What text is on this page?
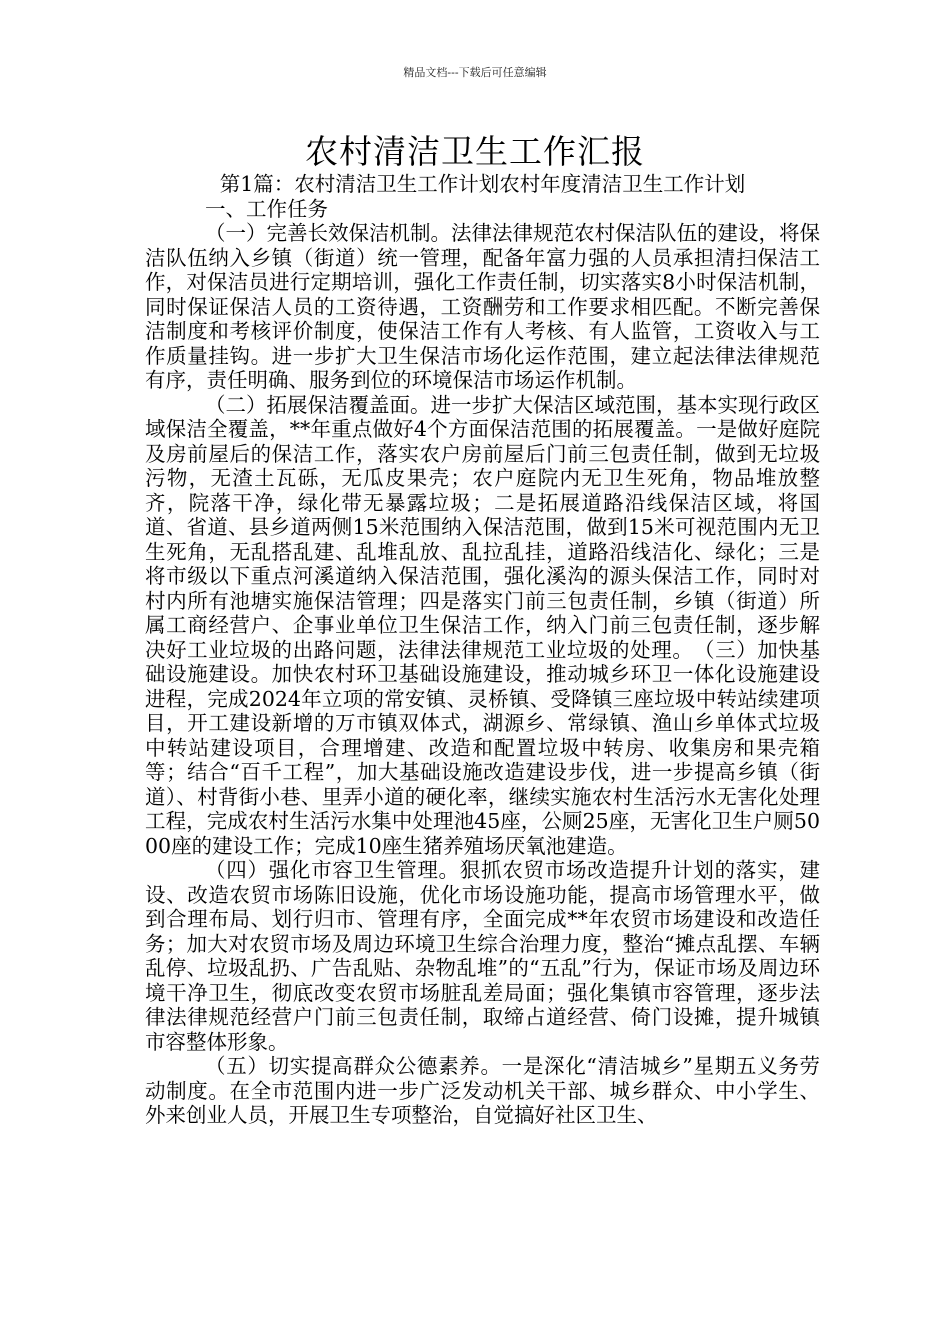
精品文档---下载后可任意编辑
农村清洁卫生工作汇报

第1篇：农村清洁卫生工作计划农村年度清洁卫生工作计划

一、工作任务

（一）完善长效保洁机制。法律法律规范农村保洁队伍的建设，将保洁队伍纳入乡镇（街道）统一管理，配备年富力强的人员承担清扫保洁工作，对保洁员进行定期培训，强化工作责任制，切实落实8小时保洁机制，同时保证保洁人员的工资待遇，工资酬劳和工作要求相匹配。不断完善保洁制度和考核评价制度，使保洁工作有人考核、有人监管，工资收入与工作质量挂钩。进一步扩大卫生保洁市场化运作范围，建立起法律法律规范有序，责任明确、服务到位的环境保洁市场运作机制。

（二）拓展保洁覆盖面。进一步扩大保洁区域范围，基本实现行政区域保洁全覆盖，**年重点做好4个方面保洁范围的拓展覆盖。一是做好庭院及房前屋后的保洁工作，落实农户房前屋后门前三包责任制，做到无垃圾污物，无渣土瓦砾，无瓜皮果壳；农户庭院内无卫生死角，物品堆放整齐，院落干净，绿化带无暴露垃圾；二是拓展道路沿线保洁区域，将国道、省道、县乡道两侧15米范围纳入保洁范围，做到15米可视范围内无卫生死角，无乱搭乱建、乱堆乱放、乱拉乱挂，道路沿线洁化、绿化；三是将市级以下重点河溪道纳入保洁范围，强化溪沟的源头保洁工作，同时对村内所有池塘实施保洁管理；四是落实门前三包责任制，乡镇（街道）所属工商经营户、企事业单位卫生保洁工作，纳入门前三包责任制，逐步解决好工业垃圾的出路问题，法律法律规范工业垃圾的处理。　（三）加快基础设施建设。加快农村环卫基础设施建设，推动城乡环卫一体化设施建设进程，完成2024年立项的常安镇、灵桥镇、受降镇三座垃圾中转站续建项目，开工建设新增的万市镇双体式，湖源乡、常绿镇、渔山乡单体式垃圾中转站建设项目，合理增建、改造和配置垃圾中转房、收集房和果壳箱等；结合“百千工程”，加大基础设施改造建设步伐，进一步提高乡镇（街道）、村背街小巷、里弄小道的硬化率，继续实施农村生活污水无害化处理工程，完成农村生活污水集中处理池45座，公厕25座，无害化卫生户厕5000座的建设工作；完成10座生猪养殖场厌氧池建造。

（四）强化市容卫生管理。狠抓农贸市场改造提升计划的落实，建设、改造农贸市场陈旧设施，优化市场设施功能，提高市场管理水平，做到合理布局、划行归市、管理有序，全面完成**年农贸市场建设和改造任务；加大对农贸市场及周边环境卫生综合治理力度，整治“摊点乱摆、车辆乱停、垃圾乱扔、广告乱贴、杂物乱堆”的“五乱”行为，保证市场及周边环境干净卫生，彻底改变农贸市场脏乱差局面；强化集镇市容管理，逐步法律法律规范经营户门前三包责任制，取缔占道经营、倚门设摊，提升城镇市容整体形象。

（五）切实提高群众公德素养。一是深化“清洁城乡”星期五义务劳动制度。在全市范围内进一步广泛发动机关干部、城乡群众、中小学生、外来创业人员，开展卫生专项整治，自觉搞好社区卫生、
